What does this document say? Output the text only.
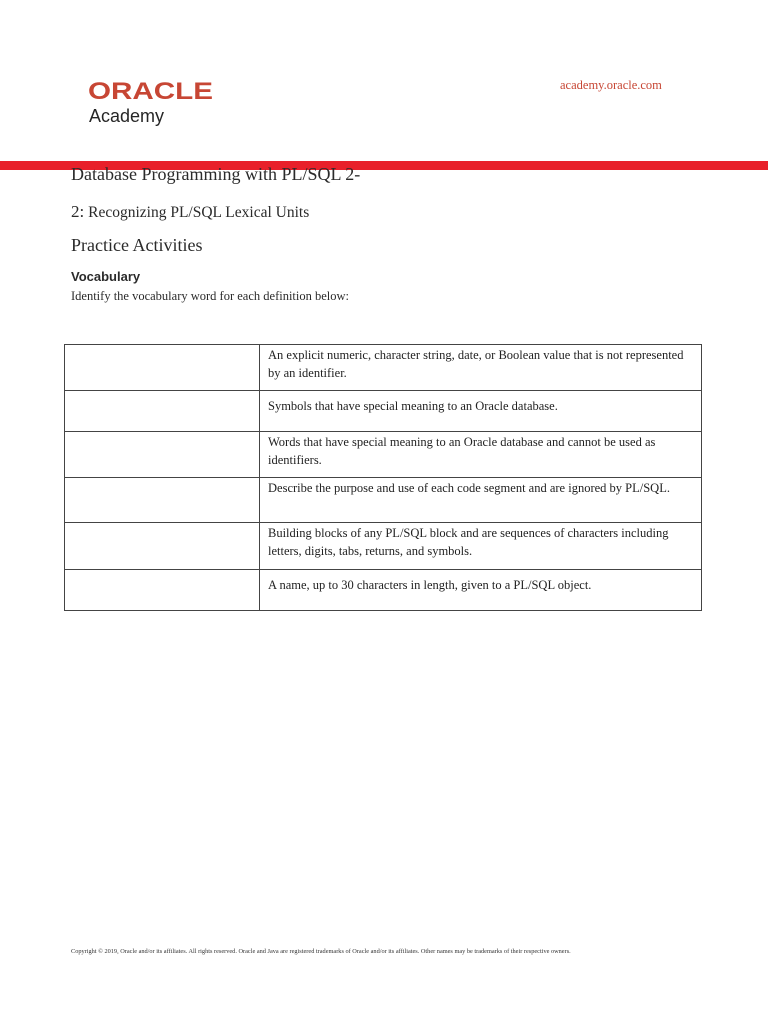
ORACLE
Academy
academy.oracle.com
Database Programming with PL/SQL 2-
2: Recognizing PL/SQL Lexical Units
Practice Activities
Vocabulary
Identify the vocabulary word for each definition below:
	An explicit numeric, character string, date, or Boolean value that is not represented by an identifier.
	Symbols that have special meaning to an Oracle database.
	Words that have special meaning to an Oracle database and cannot be used as identifiers.
	Describe the purpose and use of each code segment and are ignored by PL/SQL.
	Building blocks of any PL/SQL block and are sequences of characters including letters, digits, tabs, returns, and symbols.
	A name, up to 30 characters in length, given to a PL/SQL object.
Copyright © 2019, Oracle and/or its affiliates. All rights reserved. Oracle and Java are registered trademarks of Oracle and/or its affiliates. Other names may be trademarks of their respective owners.
